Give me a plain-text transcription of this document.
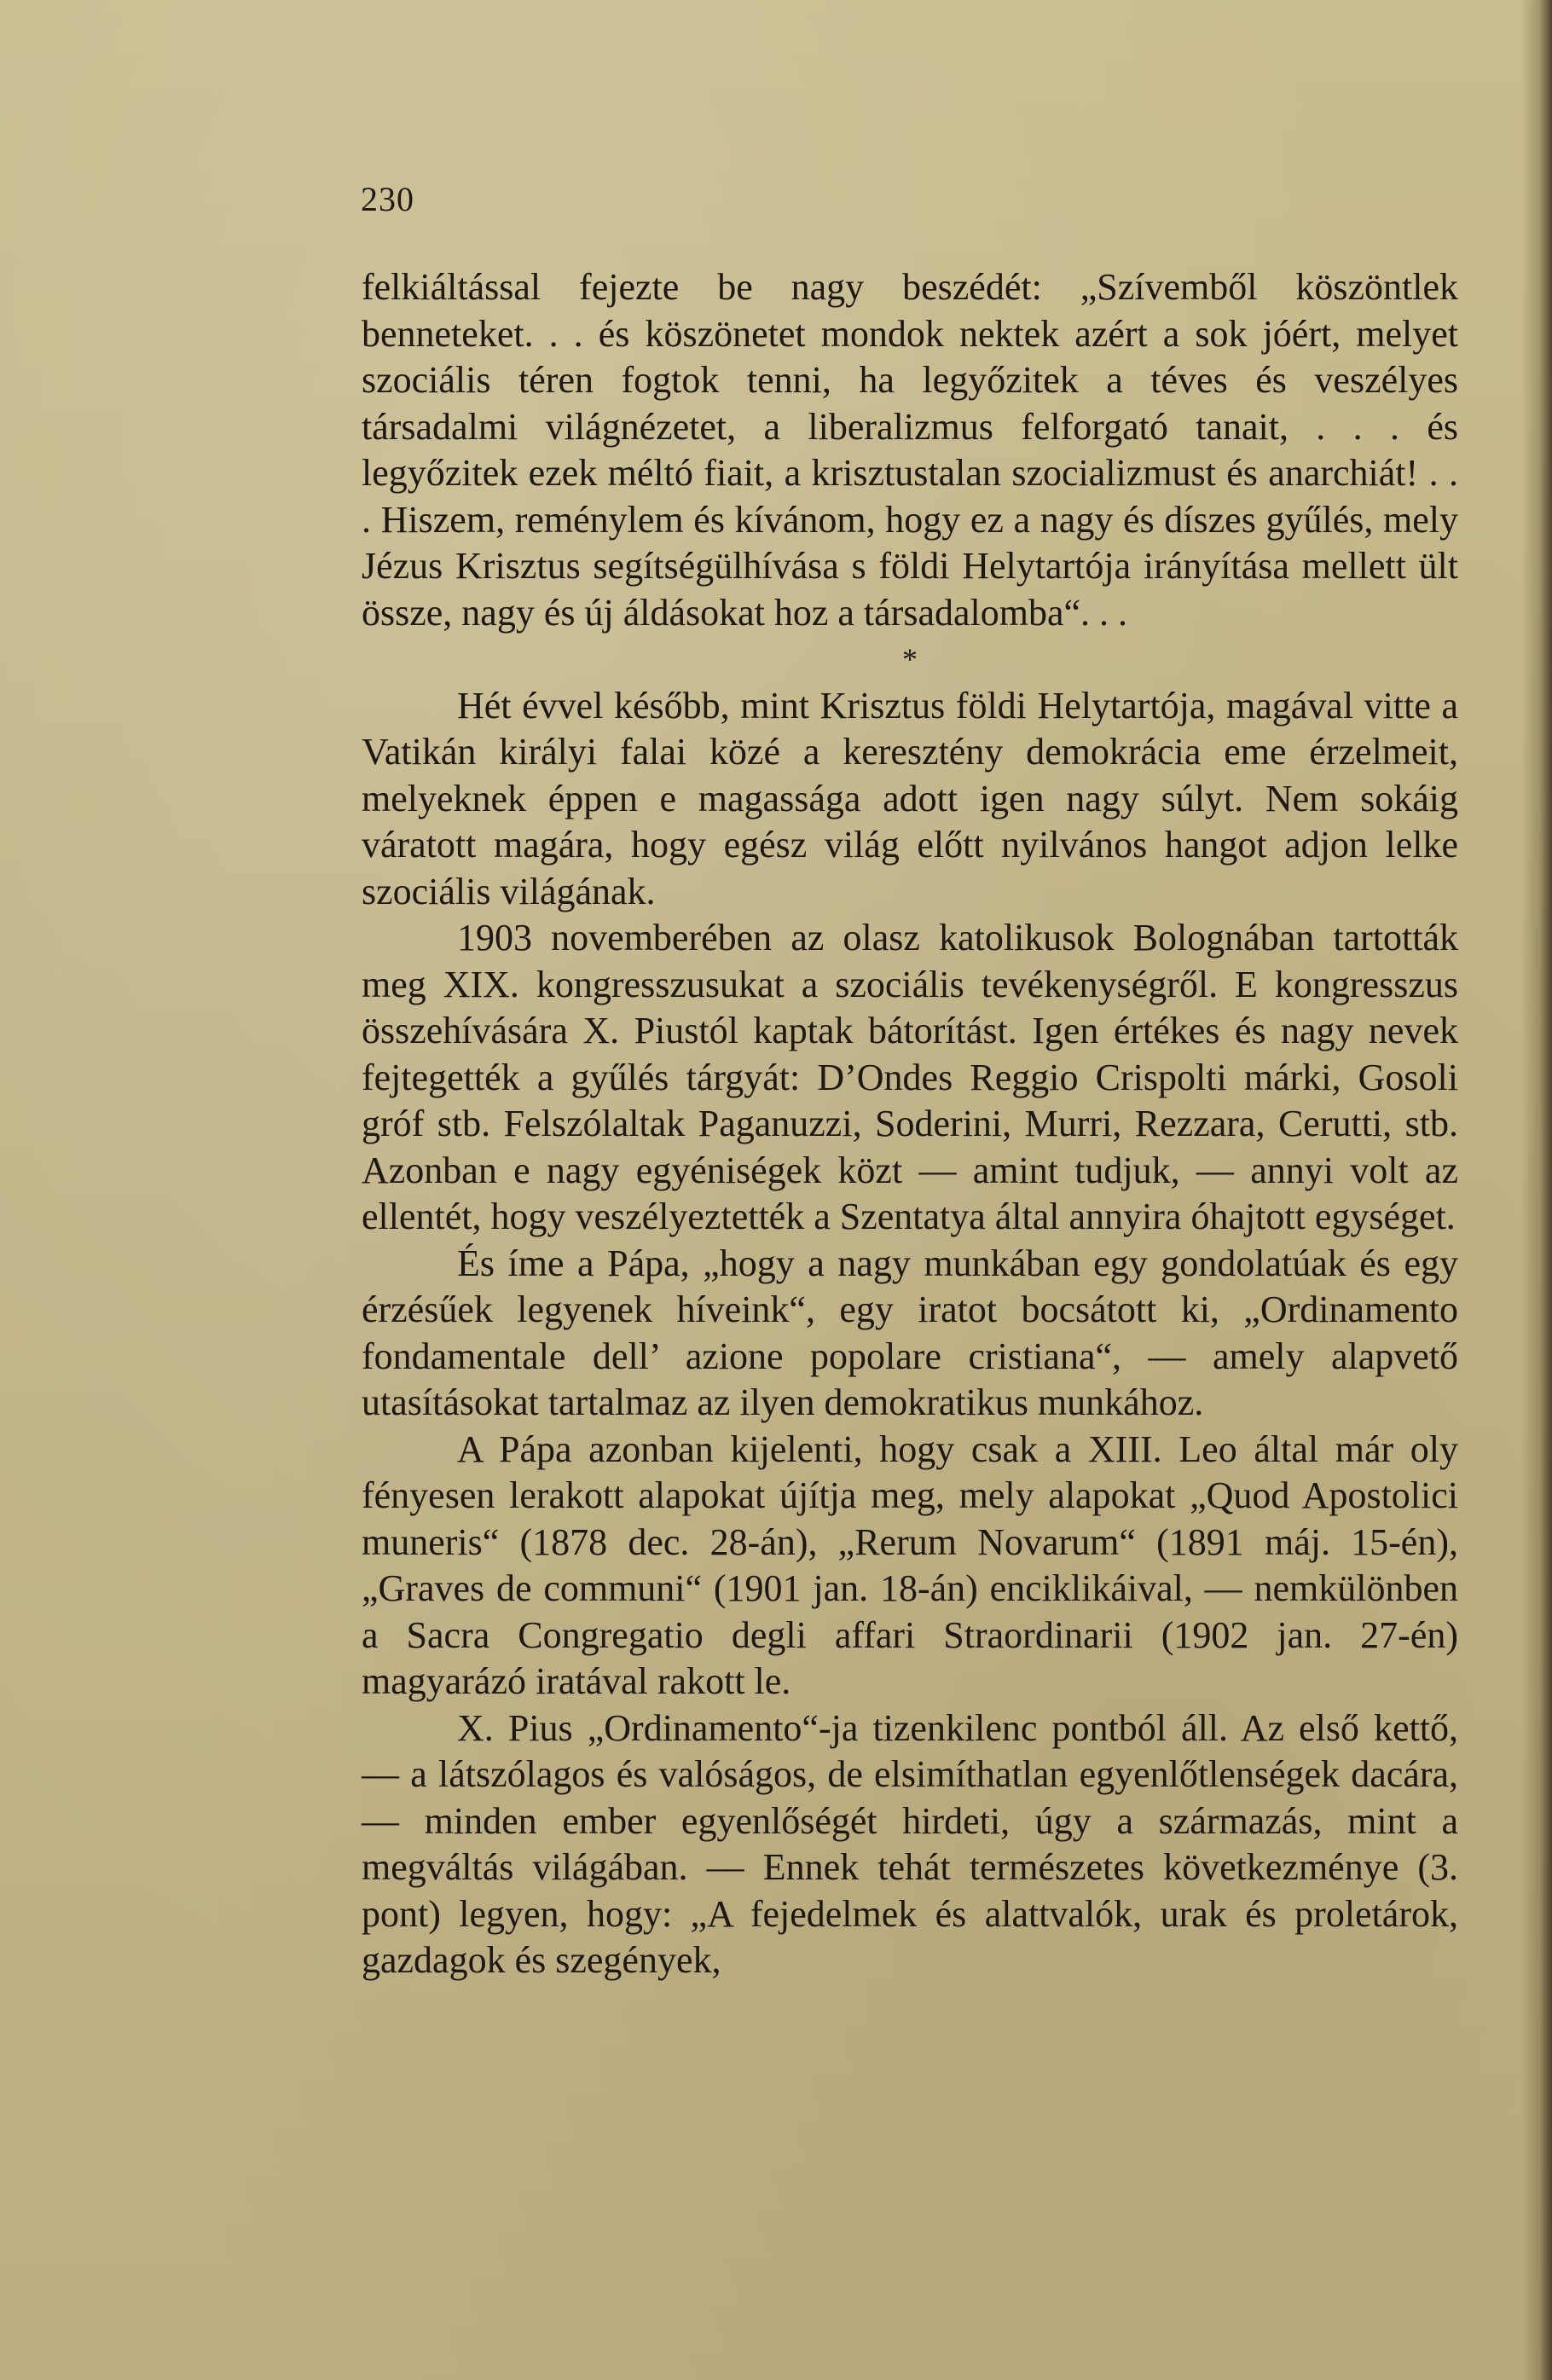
230

felkiáltással fejezte be nagy beszédét: „Szívemből köszöntlek benneteket. . . és köszönetet mondok nektek azért a sok jóért, melyet szociális téren fogtok tenni, ha legyőzitek a téves és veszélyes társadalmi világnézetet, a liberalizmus felforgató tanait, . . . és legyőzitek ezek méltó fiait, a krisztustalan szocializmust és anarchiát! . . . Hiszem, reménylem és kívánom, hogy ez a nagy és díszes gyűlés, mely Jézus Krisztus segítségülhívása s földi Helytartója irányítása mellett ült össze, nagy és új áldásokat hoz a társadalomba“. . .

*

Hét évvel később, mint Krisztus földi Helytartója, magával vitte a Vatikán királyi falai közé a keresztény demokrácia eme érzelmeit, melyeknek éppen e magassága adott igen nagy súlyt. Nem sokáig váratott magára, hogy egész világ előtt nyilvános hangot adjon lelke szociális világának.

1903 novemberében az olasz katolikusok Bolognában tartották meg XIX. kongresszusukat a szociális tevékenységről. E kongresszus összehívására X. Piustól kaptak bátorítást. Igen értékes és nagy nevek fejtegették a gyűlés tárgyát: D’Ondes Reggio Crispolti márki, Gosoli gróf stb. Felszólaltak Paganuzzi, Soderini, Murri, Rezzara, Cerutti, stb. Azonban e nagy egyéniségek közt — amint tudjuk, — annyi volt az ellentét, hogy veszélyeztették a Szentatya által annyira óhajtott egységet.

És íme a Pápa, „hogy a nagy munkában egy gondolatúak és egy érzésűek legyenek híveink“, egy iratot bocsátott ki, „Ordinamento fondamentale dell’ azione popolare cristiana“, — amely alapvető utasításokat tartalmaz az ilyen demokratikus munkához.

A Pápa azonban kijelenti, hogy csak a XIII. Leo által már oly fényesen lerakott alapokat újítja meg, mely alapokat „Quod Apostolici muneris“ (1878 dec. 28-án), „Rerum Novarum“ (1891 máj. 15-én), „Graves de communi“ (1901 jan. 18-án) enciklikáival, — nemkülönben a Sacra Congregatio degli affari Straordinarii (1902 jan. 27-én) magyarázó iratával rakott le.

X. Pius „Ordinamento“-ja tizenkilenc pontból áll. Az első kettő, — a látszólagos és valóságos, de elsimíthatlan egyenlőtlenségek dacára, — minden ember egyenlőségét hirdeti, úgy a származás, mint a megváltás világában. — Ennek tehát természetes következménye (3. pont) legyen, hogy: „A fejedelmek és alattvalók, urak és proletárok, gazdagok és szegények,
